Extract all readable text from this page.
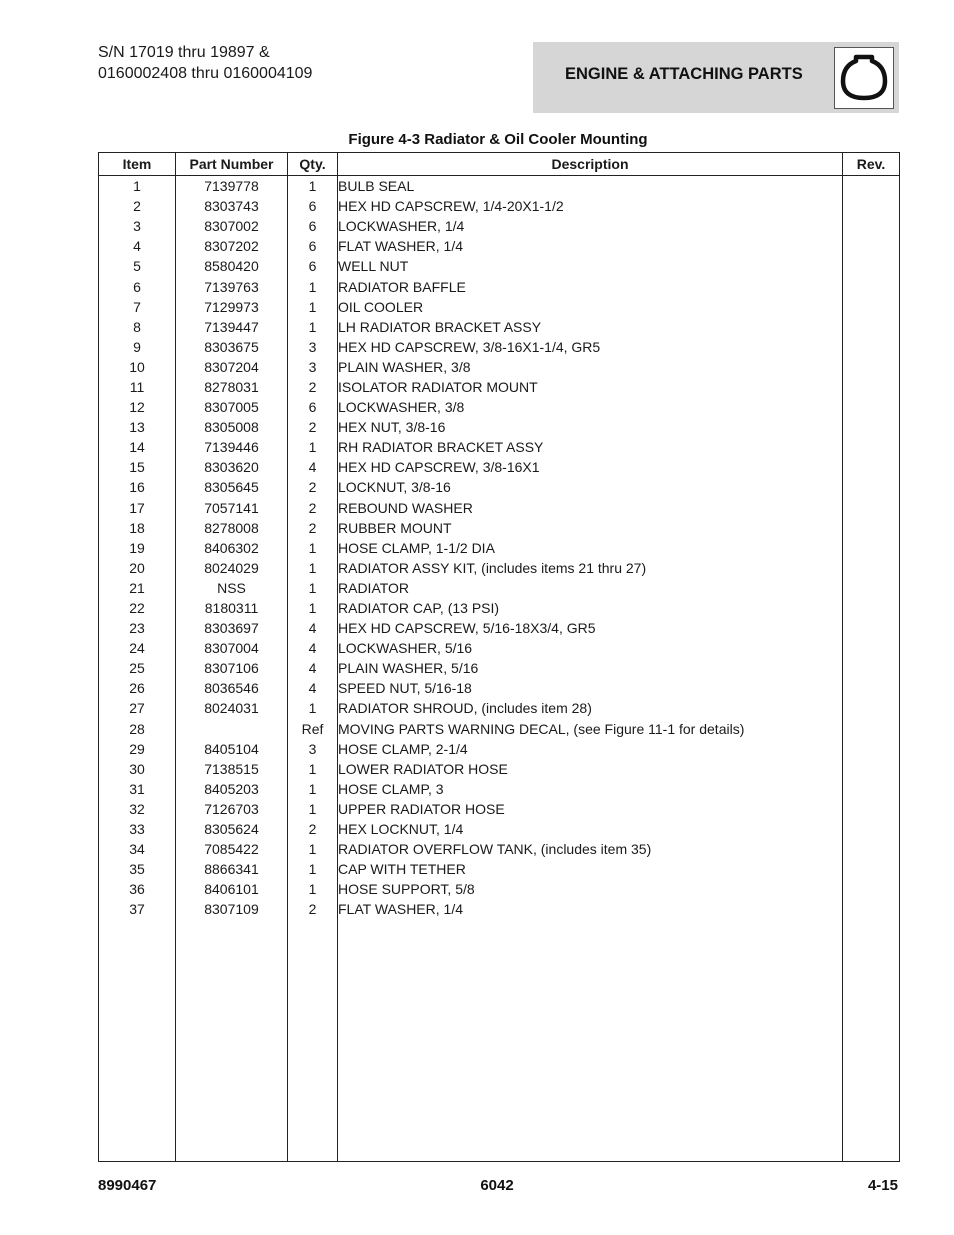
S/N 17019 thru 19897 &
0160002408 thru 0160004109	ENGINE & ATTACHING PARTS
Figure 4-3 Radiator & Oil Cooler Mounting
Item	Part Number	Qty.	Description	Rev.
1	7139778	1	BULB SEAL	
2	8303743	6	HEX HD CAPSCREW, 1/4-20X1-1/2	
3	8307002	6	LOCKWASHER, 1/4	
4	8307202	6	FLAT WASHER, 1/4	
5	8580420	6	WELL NUT	
6	7139763	1	RADIATOR BAFFLE	
7	7129973	1	OIL COOLER	
8	7139447	1	LH RADIATOR BRACKET ASSY	
9	8303675	3	HEX HD CAPSCREW, 3/8-16X1-1/4, GR5	
10	8307204	3	PLAIN WASHER, 3/8	
11	8278031	2	ISOLATOR RADIATOR MOUNT	
12	8307005	6	LOCKWASHER, 3/8	
13	8305008	2	HEX NUT, 3/8-16	
14	7139446	1	RH RADIATOR BRACKET ASSY	
15	8303620	4	HEX HD CAPSCREW, 3/8-16X1	
16	8305645	2	LOCKNUT, 3/8-16	
17	7057141	2	REBOUND WASHER	
18	8278008	2	RUBBER MOUNT	
19	8406302	1	HOSE CLAMP, 1-1/2 DIA	
20	8024029	1	RADIATOR ASSY KIT, (includes items 21 thru 27)	
21	NSS	1	RADIATOR	
22	8180311	1	RADIATOR CAP, (13 PSI)	
23	8303697	4	HEX HD CAPSCREW, 5/16-18X3/4, GR5	
24	8307004	4	LOCKWASHER, 5/16	
25	8307106	4	PLAIN WASHER, 5/16	
26	8036546	4	SPEED NUT, 5/16-18	
27	8024031	1	RADIATOR SHROUD, (includes item 28)	
28		Ref	MOVING PARTS WARNING DECAL, (see Figure 11-1 for details)	
29	8405104	3	HOSE CLAMP, 2-1/4	
30	7138515	1	LOWER RADIATOR HOSE	
31	8405203	1	HOSE CLAMP, 3	
32	7126703	1	UPPER RADIATOR HOSE	
33	8305624	2	HEX LOCKNUT, 1/4	
34	7085422	1	RADIATOR OVERFLOW TANK, (includes item 35)	
35	8866341	1	CAP WITH TETHER	
36	8406101	1	HOSE SUPPORT, 5/8	
37	8307109	2	FLAT WASHER, 1/4	

8990467	6042	4-15
